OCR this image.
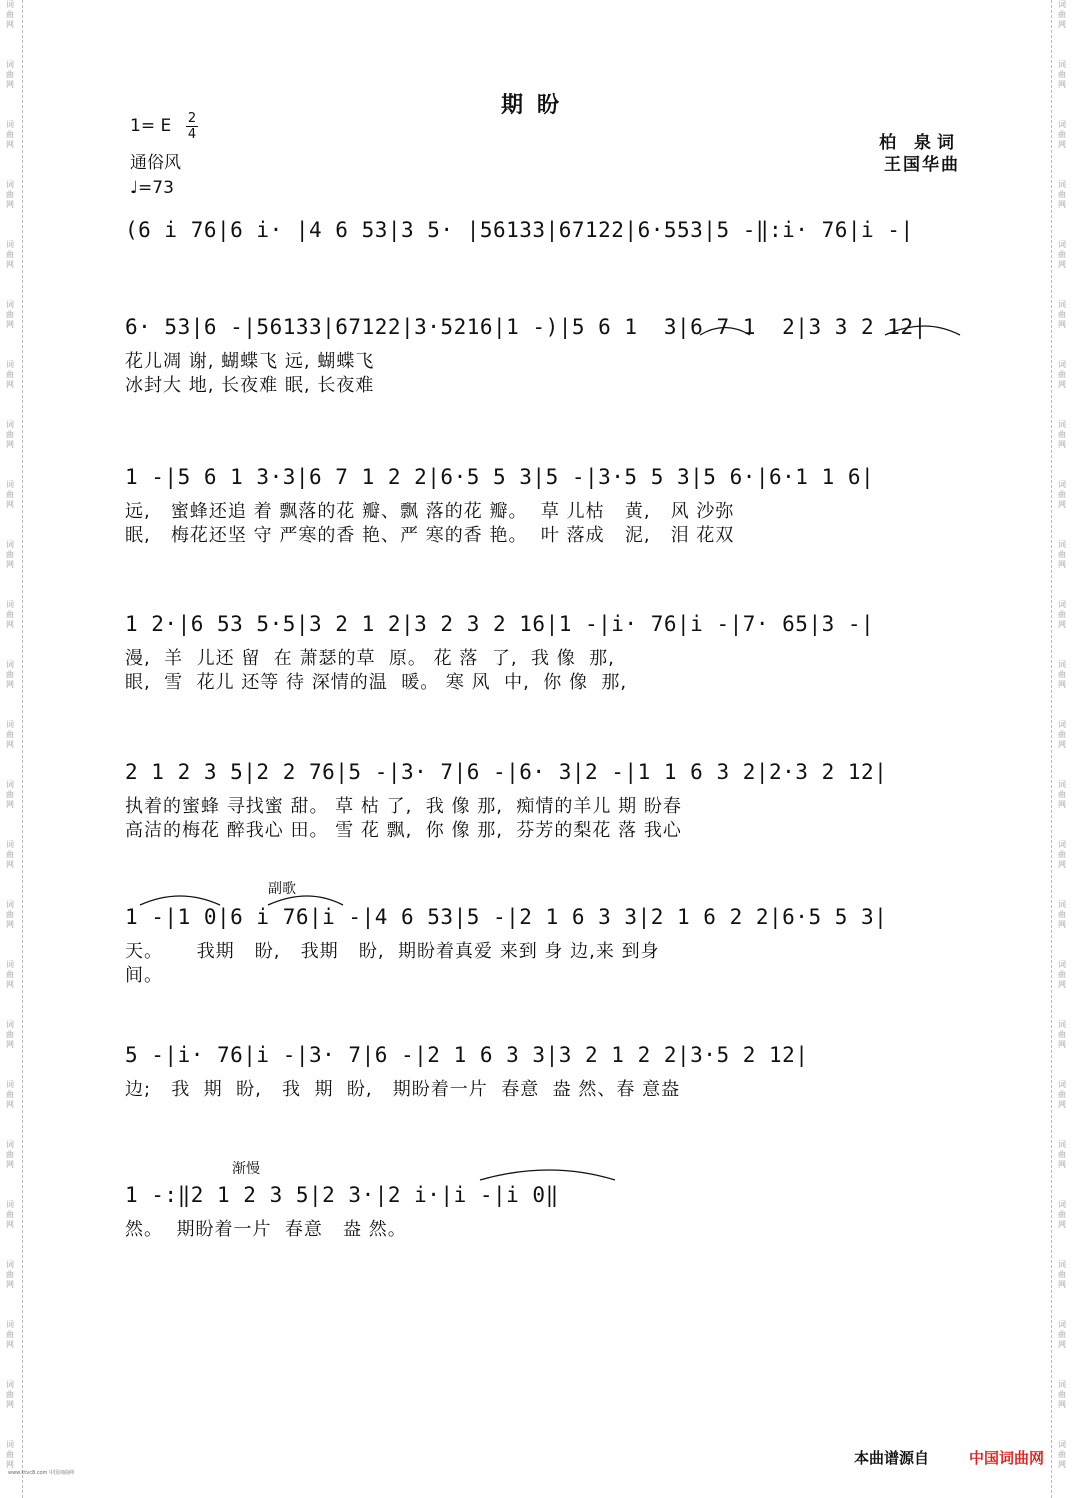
词
曲
网
词
曲
网
词
曲
网
词
曲
网
词
曲
网
词
曲
网
词
曲
网
词
曲
网
词
曲
网
词
曲
网
词
曲
网
词
曲
网
词
曲
网
词
曲
网
词
曲
网
词
曲
网
词
曲
网
词
曲
网
词
曲
网
词
曲
网
词
曲
网
词
曲
网
词
曲
网
词
曲
网
词
曲
网
词
曲
网
词
曲
网
词
曲
网
词
曲
网
词
曲
网
词
曲
网
词
曲
网
词
曲
网
词
曲
网
词
曲
网
词
曲
网
词
曲
网
词
曲
网
词
曲
网
词
曲
网
词
曲
网
词
曲
网
词
曲
网
词
曲
网
词
曲
网
词
曲
网
词
曲
网
词
曲
网
词
曲
网
词
曲
网
期盼
1= E 2
4
通俗风
♩=73
柏 泉词
王国华曲
(6 i 76|6 i· |4 6 53|3 5· |56133|67122|6·553|5 -‖:i· 76|i -|
6· 53|6 -|56133|67122|3·5216|1 -)|5 6 1  3|6 7 1  2|3 3 2 12|
花儿凋 谢, 蝴蝶飞 远, 蝴蝶飞
冰封大 地, 长夜难 眠, 长夜难
1 -|5 6 1 3·3|6 7 1 2 2|6·5 5 3|5 -|3·5 5 3|5 6·|6·1 1 6|
远,   蜜蜂还追 着 飘落的花 瓣、飘 落的花 瓣。  草 儿枯   黄,   风 沙弥
眠,   梅花还坚 守 严寒的香 艳、严 寒的香 艳。  叶 落成   泥,   泪 花双
1 2·|6 53 5·5|3 2 1 2|3 2 3 2 16|1 -|i· 76|i -|7· 65|3 -|
漫,  羊  儿还 留  在 萧瑟的草  原。 花 落  了,  我 像  那,
眼,  雪  花儿 还等 待 深情的温  暖。 寒 风  中,  你 像  那,
2 1 2 3 5|2 2 76|5 -|3· 7|6 -|6· 3|2 -|1 1 6 3 2|2·3 2 12|
执着的蜜蜂 寻找蜜 甜。 草 枯 了,  我 像 那,  痴情的羊儿 期 盼春
高洁的梅花 醉我心 田。 雪 花 飘,  你 像 那,  芬芳的梨花 落 我心
1 -|1 0|6 i 76|i -|4 6 53|5 -|2 1 6 3 3|2 1 6 2 2|6·5 5 3|
天。     我期   盼,   我期   盼,  期盼着真爱 来到 身 边,来 到身
间。
5 -|i· 76|i -|3· 7|6 -|2 1 6 3 3|3 2 1 2 2|3·5 2 12|
边;   我  期  盼,   我  期  盼,   期盼着一片  春意  盎 然、春 意盎
1 -:‖2 1 2 3 5|2 3·|2 i·|i -|i 0‖
然。  期盼着一片  春意   盎 然。
副歌
渐慢
本曲谱源自	中国词曲网
www.ktvc8.com 中国词曲网
